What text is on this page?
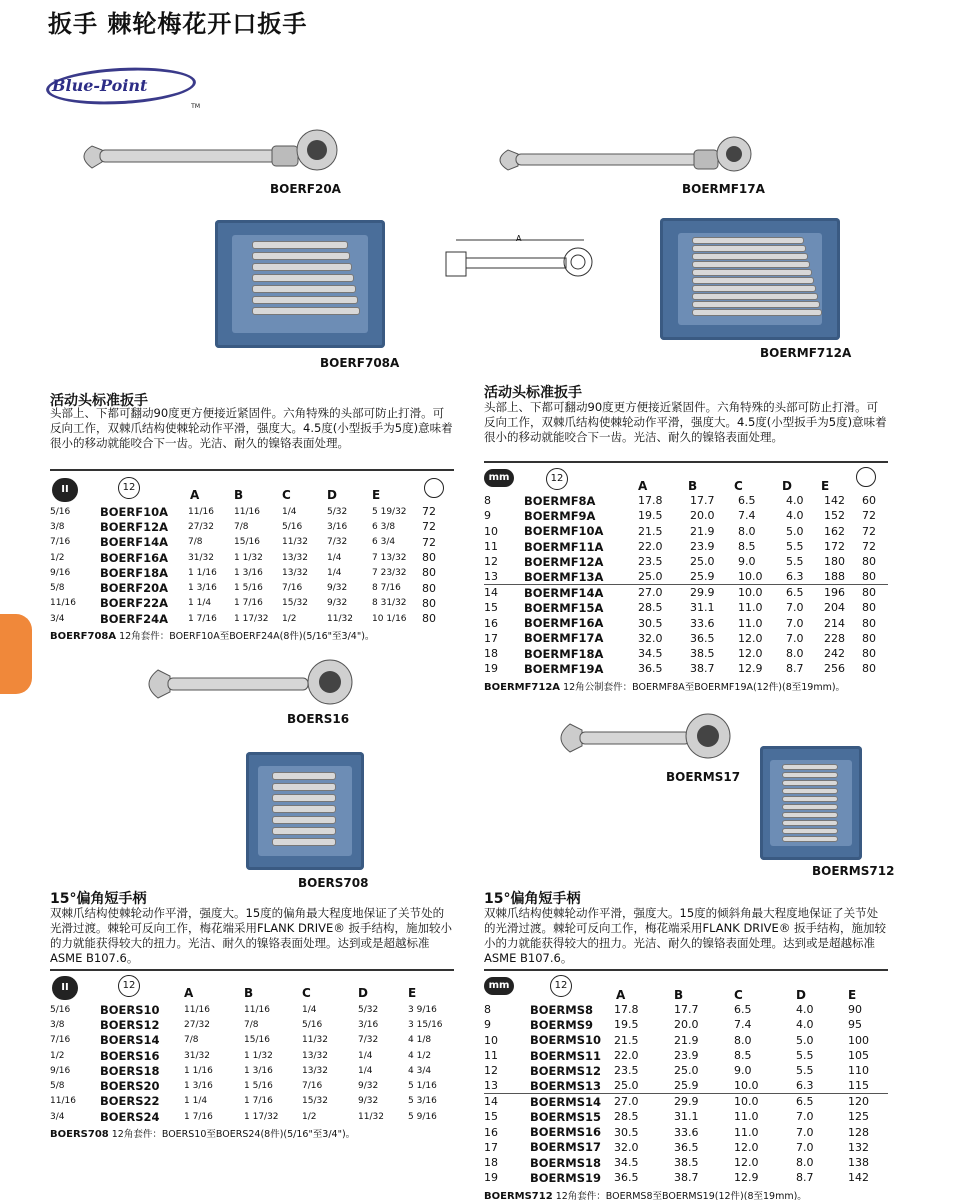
扳手 棘轮梅花开口扳手
Blue-Point
TM
BOERF20A	BOERMF17A
BOERF708A
A
BOERMF712A
活动头标准扳手
头部上、下都可翻动90度更方便接近紧固件。六角特殊的头部可防止打滑。可反向工作，双棘爪结构使棘轮动作平滑，强度大。4.5度(小型扳手为5度)意味着很小的移动就能咬合下一齿。光洁、耐久的镍铬表面处理。
II	12
A	B	C	D	E
5/16	BOERF10A	11/16	11/16	1/4	5/32	5 19/32	72
3/8	BOERF12A	27/32	7/8	5/16	3/16	6 3/8	72
7/16	BOERF14A	7/8	15/16	11/32	7/32	6 3/4	72
1/2	BOERF16A	31/32	1 1/32	13/32	1/4	7 13/32	80
9/16	BOERF18A	1 1/16	1 3/16	13/32	1/4	7 23/32	80
5/8	BOERF20A	1 3/16	1 5/16	7/16	9/32	8 7/16	80
11/16	BOERF22A	1 1/4	1 7/16	15/32	9/32	8 31/32	80
3/4	BOERF24A	1 7/16	1 17/32	1/2	11/32	10 1/16	80
BOERF708A 12角套件：BOERF10A至BOERF24A(8件)(5/16"至3/4")。
活动头标准扳手
头部上、下都可翻动90度更方便接近紧固件。六角特殊的头部可防止打滑。可反向工作，双棘爪结构使棘轮动作平滑，强度大。4.5度(小型扳手为5度)意味着很小的移动就能咬合下一齿。光洁、耐久的镍铬表面处理。
mm	12
A	B	C	D E
8	BOERMF8A	17.8	17.7	6.5	4.0	142	60
9	BOERMF9A	19.5	20.0	7.4	4.0	152	72
10	BOERMF10A	21.5	21.9	8.0	5.0	162	72
11	BOERMF11A	22.0	23.9	8.5	5.5	172	72
12	BOERMF12A	23.5	25.0	9.0	5.5	180	80
13	BOERMF13A	25.0	25.9	10.0	6.3	188	80
14	BOERMF14A	27.0	29.9	10.0	6.5	196	80
15	BOERMF15A	28.5	31.1	11.0	7.0	204	80
16	BOERMF16A	30.5	33.6	11.0	7.0	214	80
17	BOERMF17A	32.0	36.5	12.0	7.0	228	80
18	BOERMF18A	34.5	38.5	12.0	8.0	242	80
19	BOERMF19A	36.5	38.7	12.9	8.7	256	80
BOERMF712A 12角公制套件：BOERMF8A至BOERMF19A(12件)(8至19mm)。
BOERS16
BOERMS17
BOERS708
BOERMS712
15°偏角短手柄
双棘爪结构使棘轮动作平滑，强度大。15度的偏角最大程度地保证了关节处的光滑过渡。棘轮可反向工作，梅花端采用FLANK DRIVE® 扳手结构，施加较小的力就能获得较大的扭力。光洁、耐久的镍铬表面处理。达到或是超越标准ASME B107.6。
II	12
A	B	C	D	E
5/16	BOERS10	11/16	11/16	1/4	5/32	3 9/16
3/8	BOERS12	27/32	7/8	5/16	3/16	3 15/16
7/16	BOERS14	7/8	15/16	11/32	7/32	4 1/8
1/2	BOERS16	31/32	1 1/32	13/32	1/4	4 1/2
9/16	BOERS18	1 1/16	1 3/16	13/32	1/4	4 3/4
5/8	BOERS20	1 3/16	1 5/16	7/16	9/32	5 1/16
11/16	BOERS22	1 1/4	1 7/16	15/32	9/32	5 3/16
3/4	BOERS24	1 7/16	1 17/32	1/2	11/32	5 9/16
BOERS708 12角套件：BOERS10至BOERS24(8件)(5/16"至3/4")。
15°偏角短手柄
双棘爪结构使棘轮动作平滑，强度大。15度的倾斜角最大程度地保证了关节处的光滑过渡。棘轮可反向工作，梅花端采用FLANK DRIVE® 扳手结构，施加较小的力就能获得较大的扭力。光洁、耐久的镍铬表面处理。达到或是超越标准ASME B107.6。
mm	12
A	B	C	D	E
8	BOERMS8	17.8	17.7	6.5	4.0	90
9	BOERMS9	19.5	20.0	7.4	4.0	95
10	BOERMS10	21.5	21.9	8.0	5.0	100
11	BOERMS11	22.0	23.9	8.5	5.5	105
12	BOERMS12	23.5	25.0	9.0	5.5	110
13	BOERMS13	25.0	25.9	10.0	6.3	115
14	BOERMS14	27.0	29.9	10.0	6.5	120
15	BOERMS15	28.5	31.1	11.0	7.0	125
16	BOERMS16	30.5	33.6	11.0	7.0	128
17	BOERMS17	32.0	36.5	12.0	7.0	132
18	BOERMS18	34.5	38.5	12.0	8.0	138
19	BOERMS19	36.5	38.7	12.9	8.7	142
BOERMS712 12角套件：BOERMS8至BOERMS19(12件)(8至19mm)。
